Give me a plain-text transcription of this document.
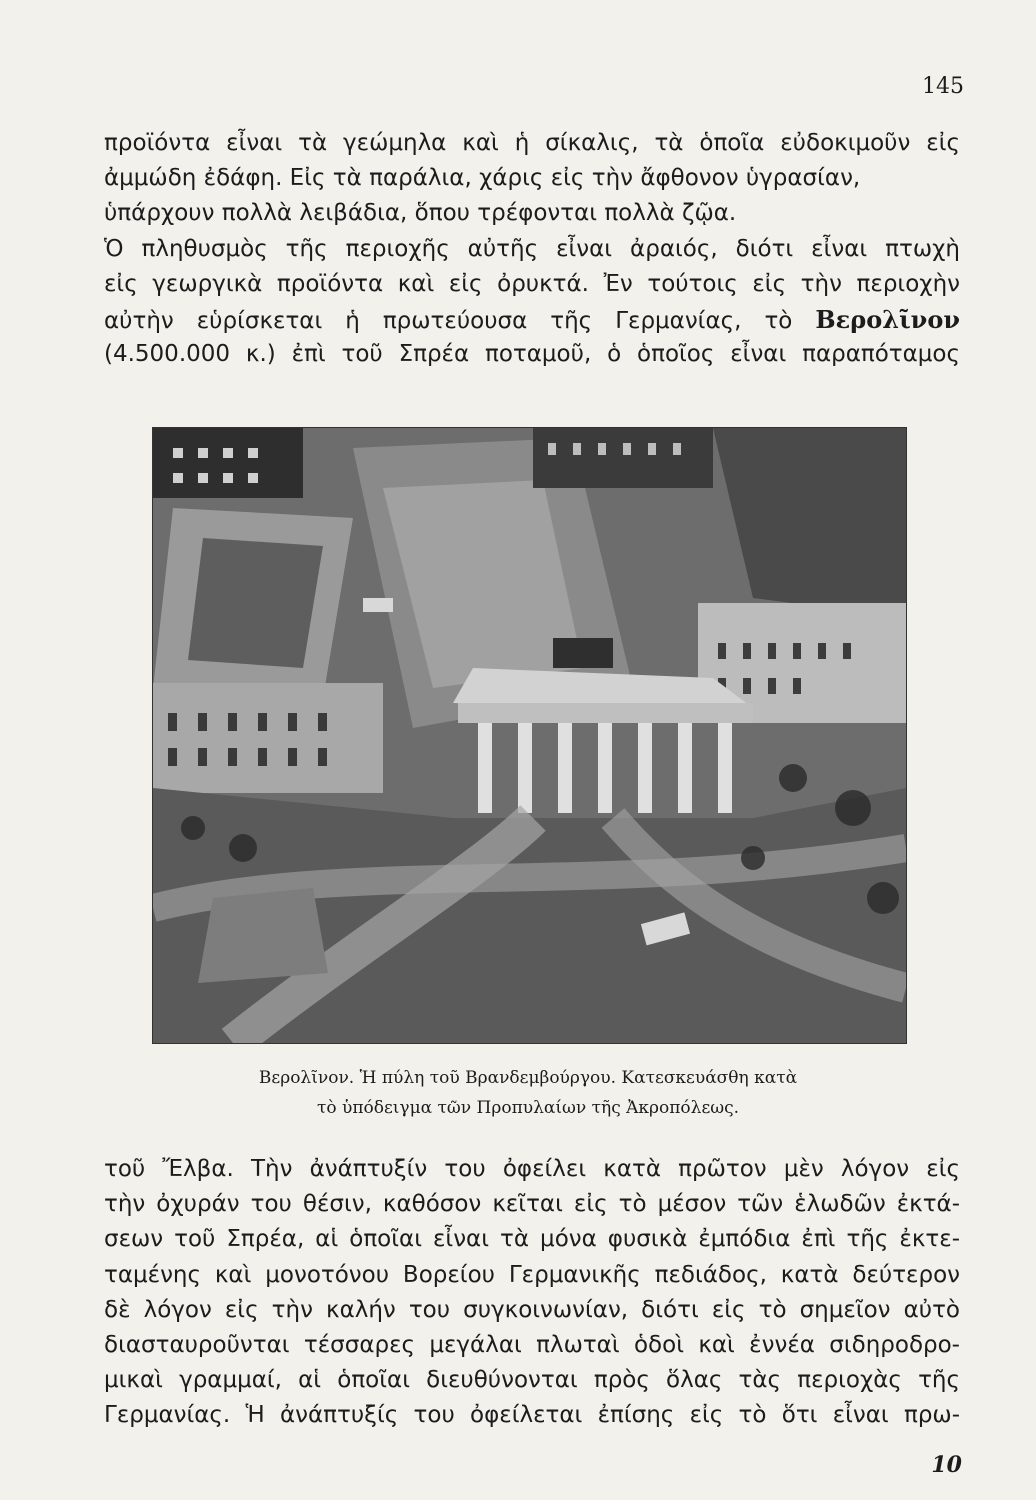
145
προϊόντα εἶναι τὰ γεώμηλα καὶ ἡ σίκαλις, τὰ ὁποῖα εὐδοκιμοῦν εἰς
ἀμμώδη ἐδάφη. Εἰς τὰ παράλια, χάρις εἰς τὴν ἄφθονον ὑγρασίαν,
ὑπάρχουν πολλὰ λειβάδια, ὅπου τρέφονται πολλὰ ζῷα.
Ὁ πληθυσμὸς τῆς περιοχῆς αὐτῆς εἶναι ἀραιός, διότι εἶναι πτωχὴ
εἰς γεωργικὰ προϊόντα καὶ εἰς ὀρυκτά. Ἐν τούτοις εἰς τὴν περιοχὴν
αὐτὴν εὑρίσκεται ἡ πρωτεύουσα τῆς Γερμανίας, τὸ Βερολῖνον
(4.500.000 κ.) ἐπὶ τοῦ Σπρέα ποταμοῦ, ὁ ὁποῖος εἶναι παραπόταμος
Βερολῖνον. Ἡ πύλη τοῦ Βρανδεμβούργου. Κατεσκευάσθη κατὰ
τὸ ὑπόδειγμα τῶν Προπυλαίων τῆς Ἀκροπόλεως.
τοῦ Ἔλβα. Τὴν ἀνάπτυξίν του ὀφείλει κατὰ πρῶτον μὲν λόγον εἰς
τὴν ὀχυράν του θέσιν, καθόσον κεῖται εἰς τὸ μέσον τῶν ἑλωδῶν ἐκτά-
σεων τοῦ Σπρέα, αἱ ὁποῖαι εἶναι τὰ μόνα φυσικὰ ἐμπόδια ἐπὶ τῆς ἐκτε-
ταμένης καὶ μονοτόνου Βορείου Γερμανικῆς πεδιάδος, κατὰ δεύτερον
δὲ λόγον εἰς τὴν καλήν του συγκοινωνίαν, διότι εἰς τὸ σημεῖον αὐτὸ
διασταυροῦνται τέσσαρες μεγάλαι πλωταὶ ὁδοὶ καὶ ἐννέα σιδηροδρο-
μικαὶ γραμμαί, αἱ ὁποῖαι διευθύνονται πρὸς ὅλας τὰς περιοχὰς τῆς
Γερμανίας. Ἡ ἀνάπτυξίς του ὀφείλεται ἐπίσης εἰς τὸ ὅτι εἶναι πρω-
10
